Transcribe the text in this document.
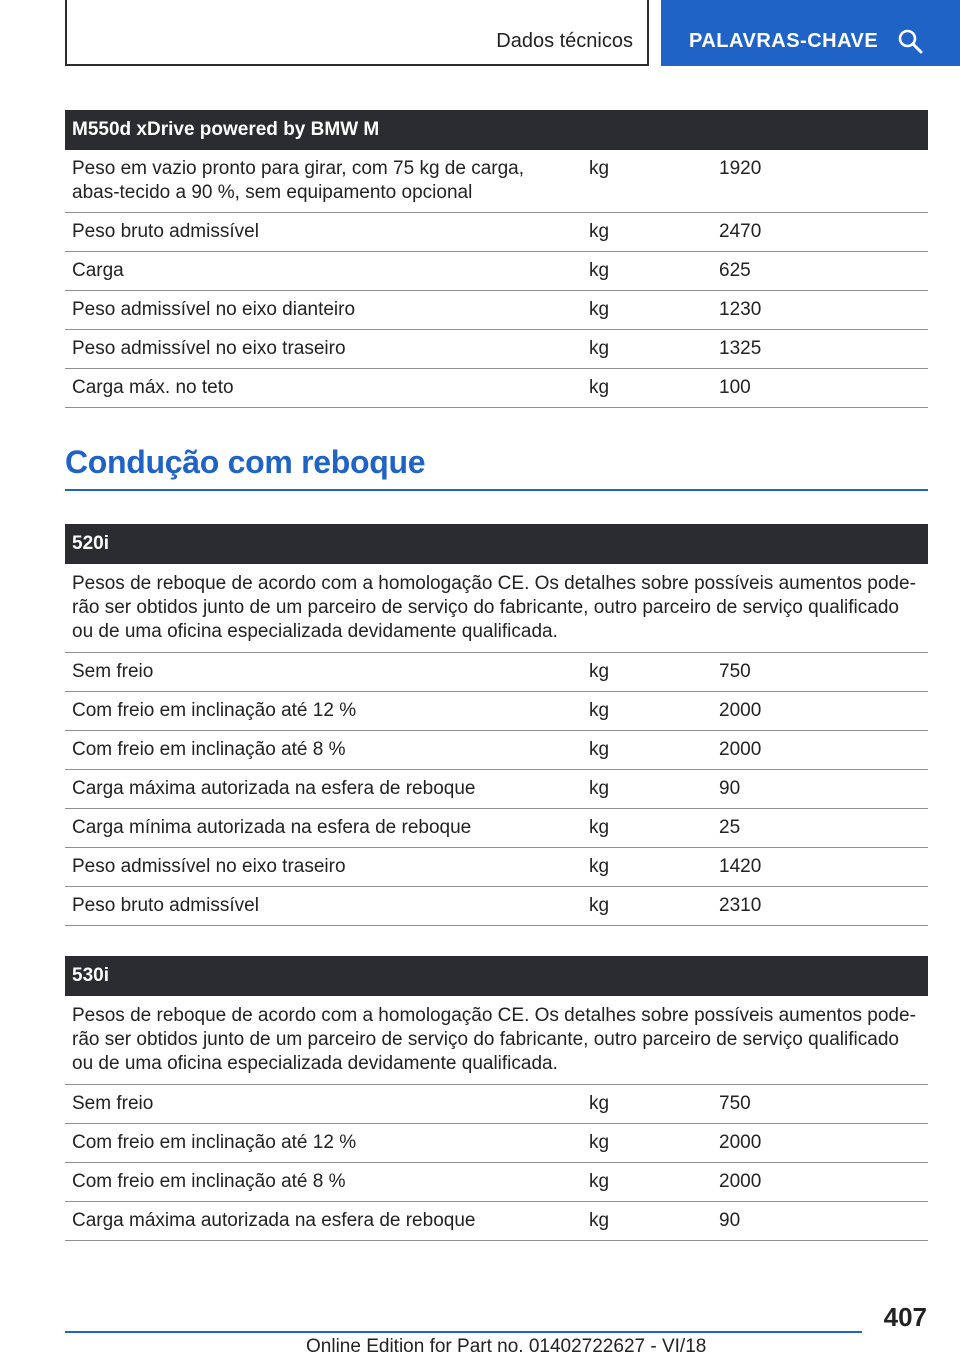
Dados técnicos	PALAVRAS-CHAVE
M550d xDrive powered by BMW M		
Peso em vazio pronto para girar, com 75 kg de carga, abas-tecido a 90 %, sem equipamento opcional	kg	1920
Peso bruto admissível	kg	2470
Carga	kg	625
Peso admissível no eixo dianteiro	kg	1230
Peso admissível no eixo traseiro	kg	1325
Carga máx. no teto	kg	100
Condução com reboque
520i		
Pesos de reboque de acordo com a homologação CE. Os detalhes sobre possíveis aumentos pode-rão ser obtidos junto de um parceiro de serviço do fabricante, outro parceiro de serviço qualificado ou de uma oficina especializada devidamente qualificada.		
Sem freio	kg	750
Com freio em inclinação até 12 %	kg	2000
Com freio em inclinação até 8 %	kg	2000
Carga máxima autorizada na esfera de reboque	kg	90
Carga mínima autorizada na esfera de reboque	kg	25
Peso admissível no eixo traseiro	kg	1420
Peso bruto admissível	kg	2310
530i		
Pesos de reboque de acordo com a homologação CE. Os detalhes sobre possíveis aumentos pode-rão ser obtidos junto de um parceiro de serviço do fabricante, outro parceiro de serviço qualificado ou de uma oficina especializada devidamente qualificada.		
Sem freio	kg	750
Com freio em inclinação até 12 %	kg	2000
Com freio em inclinação até 8 %	kg	2000
Carga máxima autorizada na esfera de reboque	kg	90
407
Online Edition for Part no. 01402722627 - VI/18
